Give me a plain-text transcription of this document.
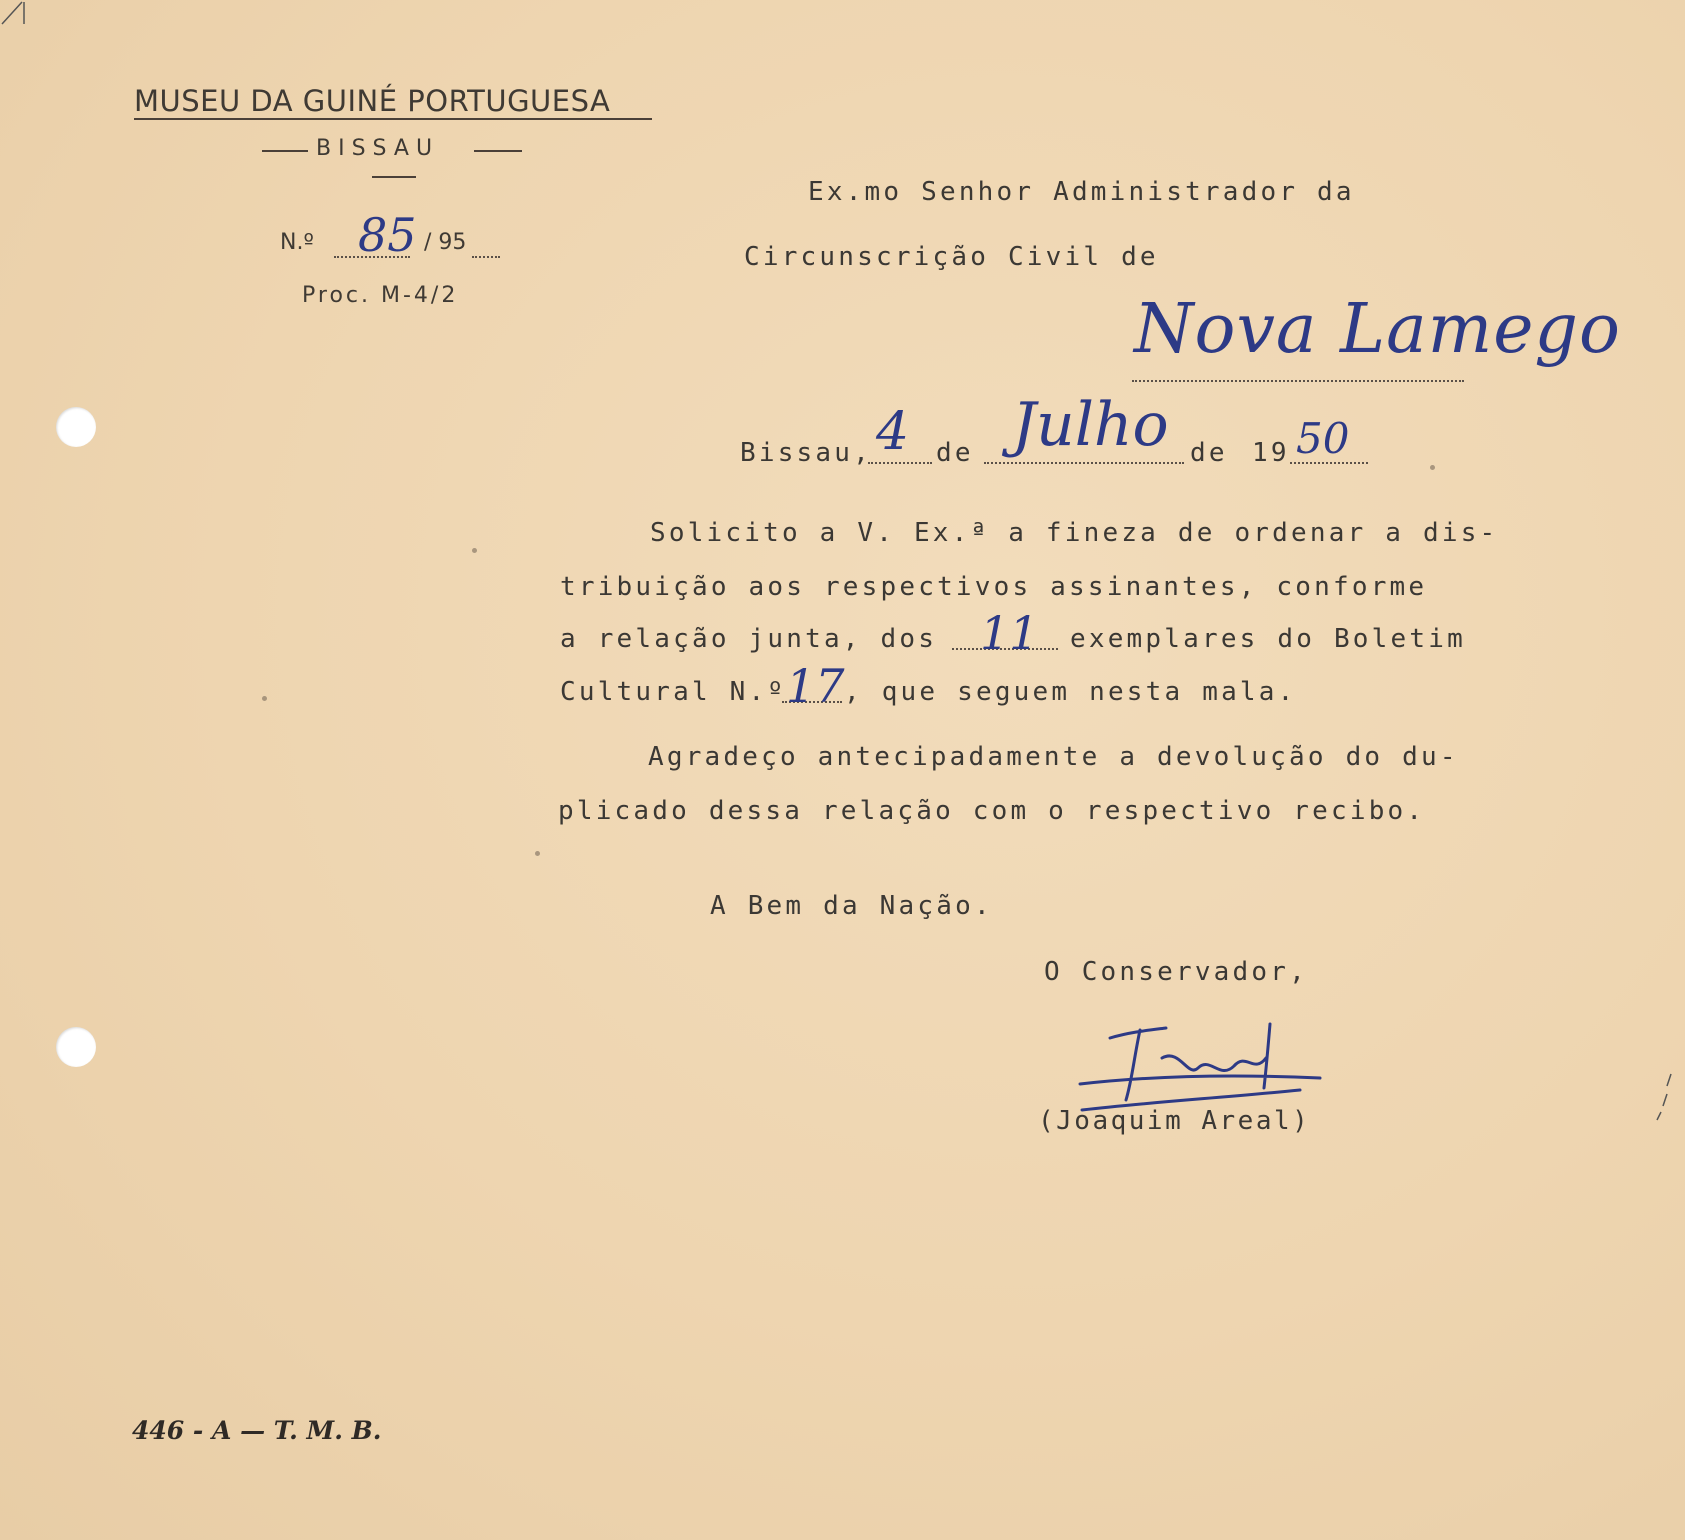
MUSEU DA GUINÉ PORTUGUESA
BISSAU
N.º 85 / 95
Proc. M-4/2
Ex.mo Senhor Administrador da
Circunscrição Civil de
Nova Lamego
Bissau, 4 de Julho de 19 50
Solicito a V. Ex.ª a fineza de ordenar a dis-
tribuição aos respectivos assinantes, conforme
a relação junta, dos 11 exemplares do Boletim
Cultural N.º 17 , que seguem nesta mala.
Agradeço antecipadamente a devolução do du-
plicado dessa relação com o respectivo recibo.
A Bem da Nação.
O Conservador,
(Joaquim Areal)
446 - A — T. M. B.
